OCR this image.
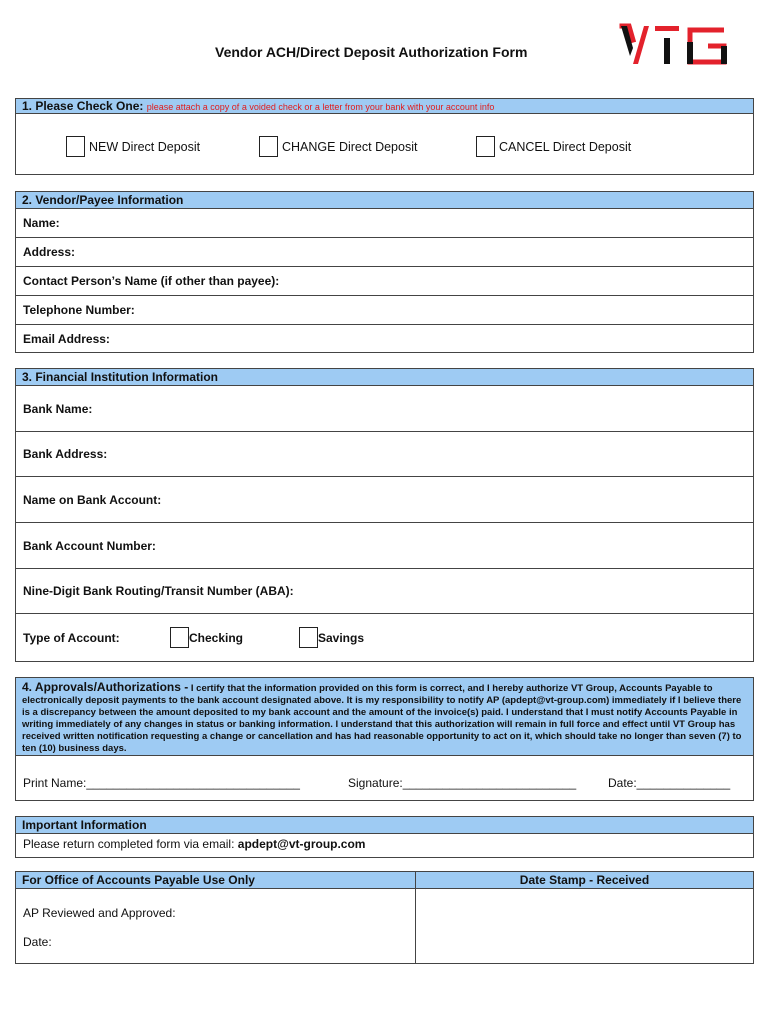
Vendor ACH/Direct Deposit Authorization Form
1. Please Check One: please attach a copy of a voided check or a letter from your bank with your account info
NEW Direct Deposit	CHANGE Direct Deposit	CANCEL Direct Deposit
2. Vendor/Payee Information
Name:
Address:
Contact Person’s Name (if other than payee):
Telephone Number:
Email Address:
3. Financial Institution Information
Bank Name:
Bank Address:
Name on Bank Account:
Bank Account Number:
Nine-Digit Bank Routing/Transit Number (ABA):
Type of Account:	Checking	Savings
4. Approvals/Authorizations - I certify that the information provided on this form is correct, and I hereby authorize VT Group, Accounts Payable to electronically deposit payments to the bank account designated above. It is my responsibility to notify AP (apdept@vt-group.com) immediately if I believe there is a discrepancy between the amount deposited to my bank account and the amount of the invoice(s) paid. I understand that I must notify Accounts Payable in writing immediately of any changes in status or banking information. I understand that this authorization will remain in full force and effect until VT Group has received written notification requesting a change or cancellation and has had reasonable opportunity to act on it, which should take no longer than seven (7) to ten (10) business days.
Print Name:________________________________	Signature:__________________________	Date:______________
Important Information
Please return completed form via email: apdept@vt-group.com
For Office of Accounts Payable Use Only	Date Stamp - Received
AP Reviewed and Approved:
Date:
